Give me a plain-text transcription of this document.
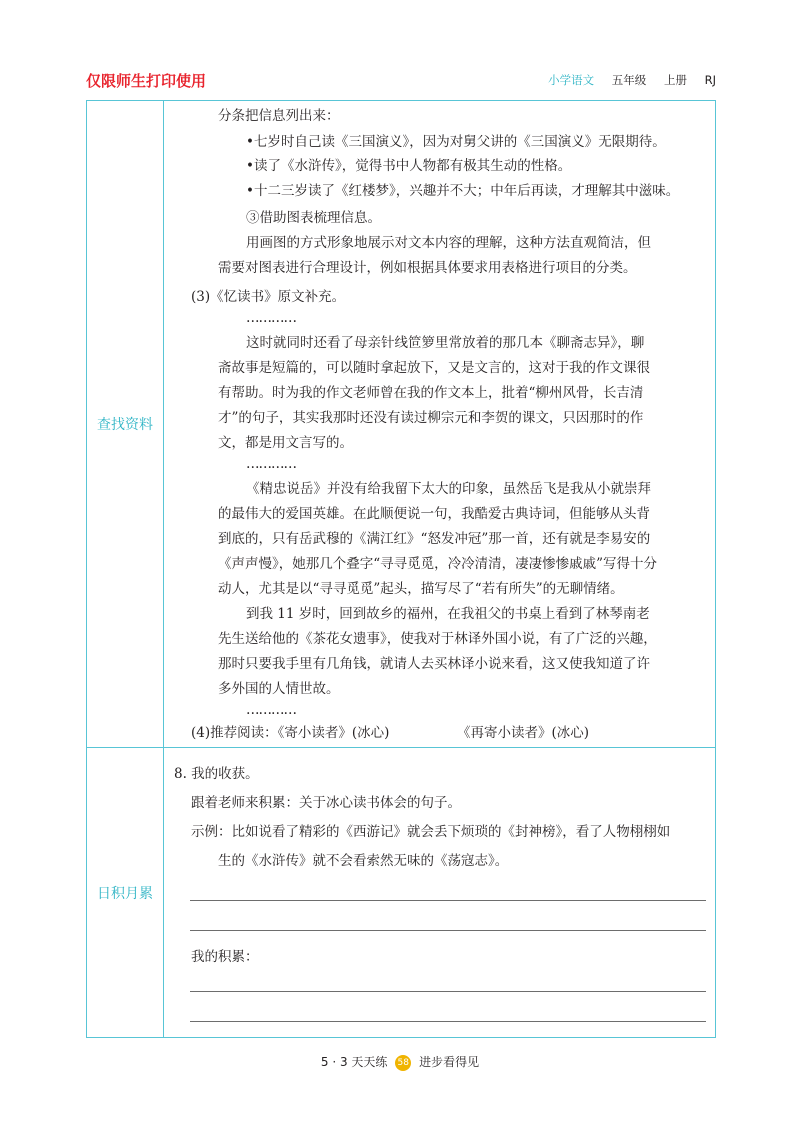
仅限师生打印使用	小学语文 五年级 上册 RJ
查找资料
日积月累
分条把信息列出来：
•七岁时自己读《三国演义》，因为对舅父讲的《三国演义》无限期待。
•读了《水浒传》，觉得书中人物都有极其生动的性格。
•十二三岁读了《红楼梦》，兴趣并不大；中年后再读，才理解其中滋味。
③借助图表梳理信息。
用画图的方式形象地展示对文本内容的理解，这种方法直观简洁，但
需要对图表进行合理设计，例如根据具体要求用表格进行项目的分类。
(3)《忆读书》原文补充。
…………
这时就同时还看了母亲针线笸箩里常放着的那几本《聊斋志异》，聊
斋故事是短篇的，可以随时拿起放下，又是文言的，这对于我的作文课很
有帮助。时为我的作文老师曾在我的作文本上，批着“柳州风骨，长吉清
才”的句子，其实我那时还没有读过柳宗元和李贺的课文，只因那时的作
文，都是用文言写的。
…………
《精忠说岳》并没有给我留下太大的印象，虽然岳飞是我从小就崇拜
的最伟大的爱国英雄。在此顺便说一句，我酷爱古典诗词，但能够从头背
到底的，只有岳武穆的《满江红》“怒发冲冠”那一首，还有就是李易安的
《声声慢》，她那几个叠字“寻寻觅觅，冷冷清清，凄凄惨惨戚戚”写得十分
动人，尤其是以“寻寻觅觅”起头，描写尽了“若有所失”的无聊情绪。
到我 11 岁时，回到故乡的福州，在我祖父的书桌上看到了林琴南老
先生送给他的《茶花女遗事》，使我对于林译外国小说，有了广泛的兴趣，
那时只要我手里有几角钱，就请人去买林译小说来看，这又使我知道了许
多外国的人情世故。
…………
(4)推荐阅读：《寄小读者》(冰心)	《再寄小读者》(冰心)
8. 我的收获。
跟着老师来积累：关于冰心读书体会的句子。
示例：比如说看了精彩的《西游记》就会丢下烦琐的《封神榜》，看了人物栩栩如
生的《水浒传》就不会看索然无味的《荡寇志》。
我的积累：
5 · 3 天天练 58 进步看得见
